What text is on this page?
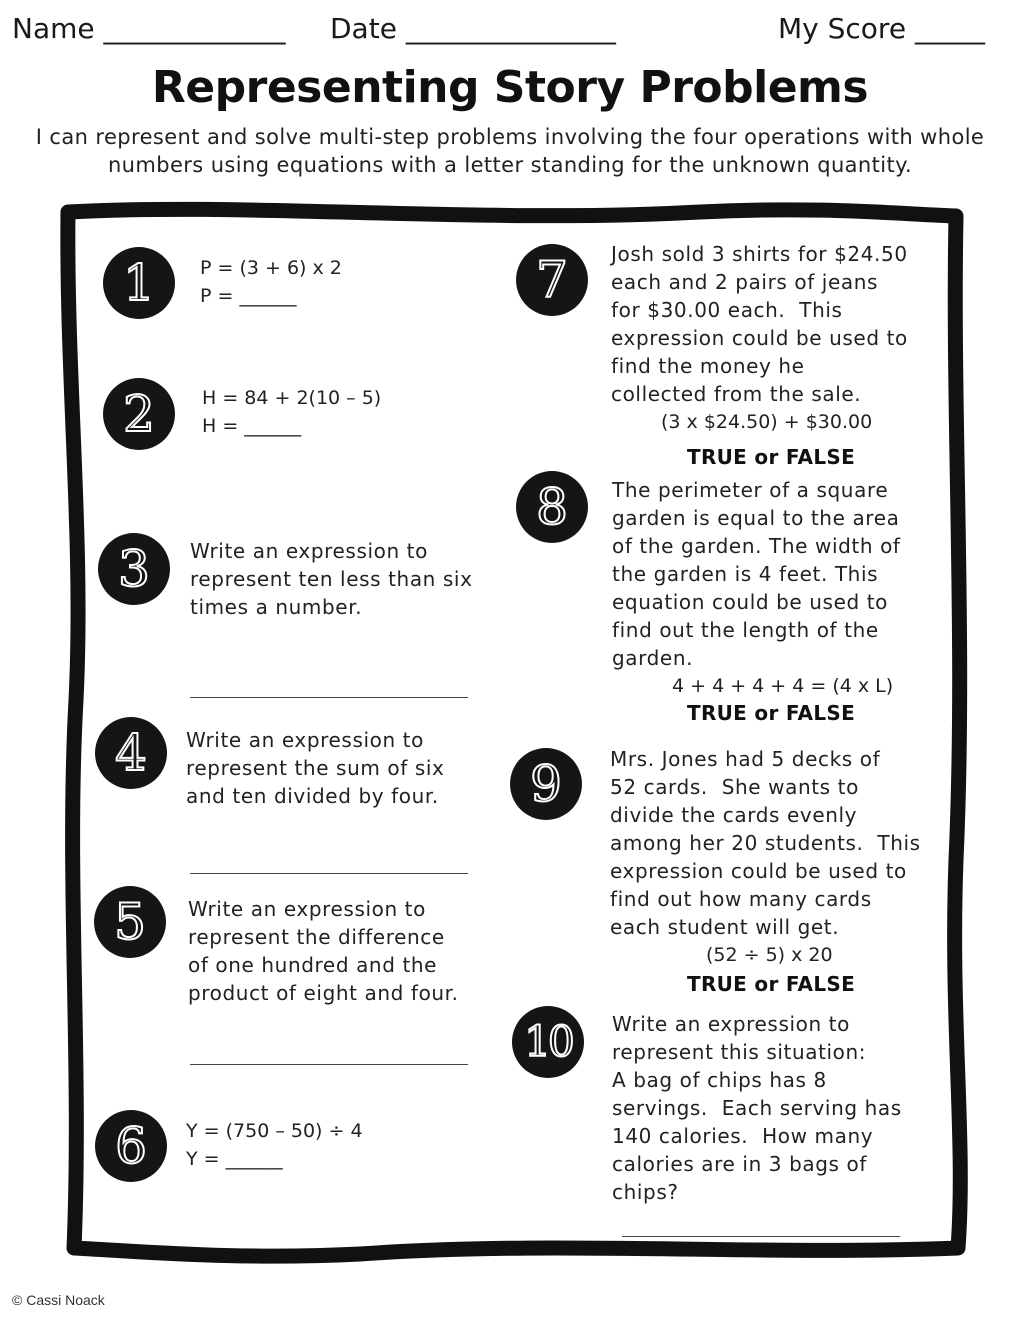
Name _____________ Date _______________	My Score _____
Representing Story Problems
I can represent and solve multi-step problems involving the four operations with whole numbers using equations with a letter standing for the unknown quantity.
1 P = (3 + 6) x 2
P = ______
2 H = 84 + 2(10 – 5)
H = ______
3 Write an expression to
represent ten less than six
times a number.
4 Write an expression to
represent the sum of six
and ten divided by four.
5 Write an expression to
represent the difference
of one hundred and the
product of eight and four.
6 Y = (750 – 50) ÷ 4
Y = ______
7 Josh sold 3 shirts for $24.50
each and 2 pairs of jeans
for $30.00 each.  This
expression could be used to
find the money he
collected from the sale.
(3 x $24.50) + $30.00
TRUE or FALSE
8 The perimeter of a square
garden is equal to the area
of the garden. The width of
the garden is 4 feet. This
equation could be used to
find out the length of the
garden.
4 + 4 + 4 + 4 = (4 x L)
TRUE or FALSE
9 Mrs. Jones had 5 decks of
52 cards.  She wants to
divide the cards evenly
among her 20 students.  This
expression could be used to
find out how many cards
each student will get.
(52 ÷ 5) x 20
TRUE or FALSE
10 Write an expression to
represent this situation:
A bag of chips has 8
servings.  Each serving has
140 calories.  How many
calories are in 3 bags of
chips?
© Cassi Noack
